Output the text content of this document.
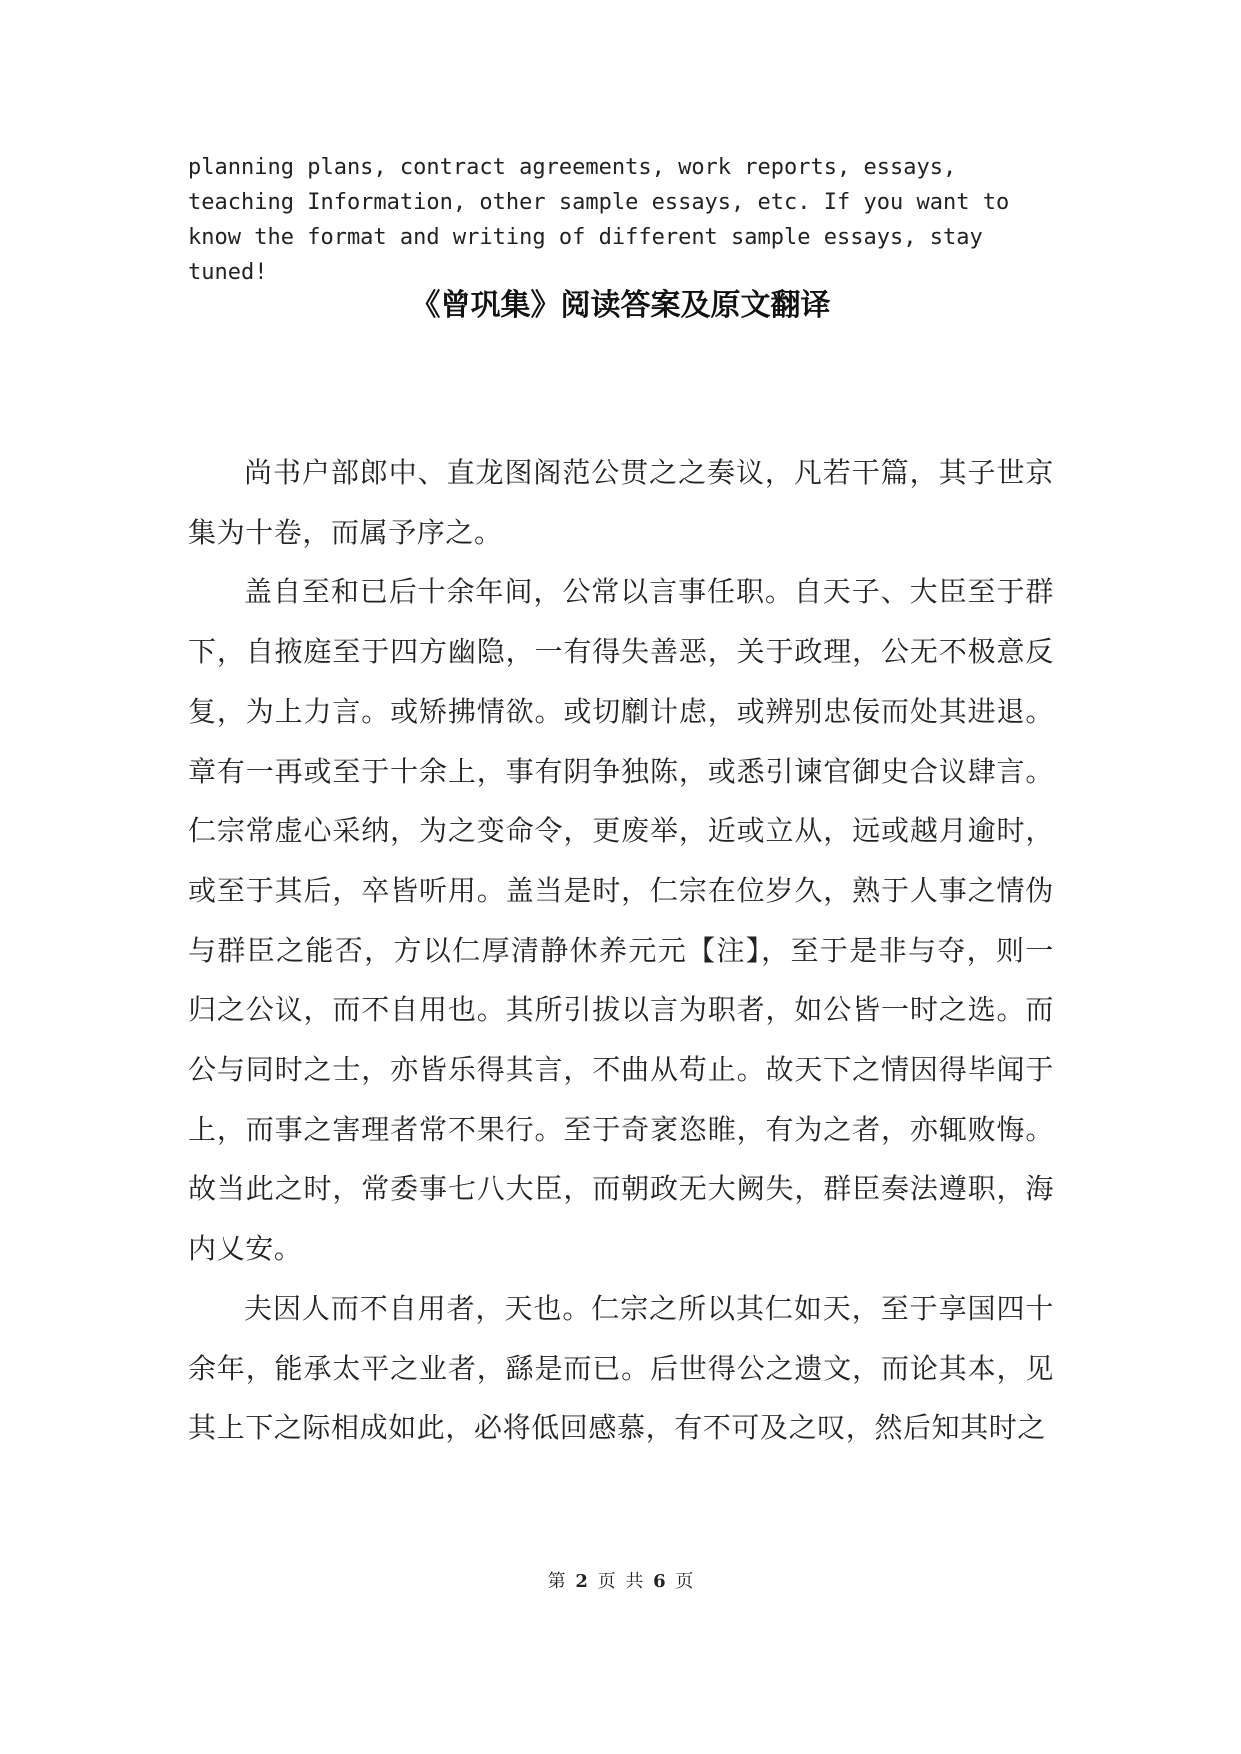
planning plans, contract agreements, work reports, essays, teaching Information, other sample essays, etc. If you want to know the format and writing of different sample essays, stay tuned!

《曾巩集》阅读答案及原文翻译

尚书户部郎中、直龙图阁范公贯之之奏议，凡若干篇，其子世京集为十卷，而属予序之。

盖自至和已后十余年间，公常以言事任职。自天子、大臣至于群下，自掖庭至于四方幽隐，一有得失善恶，关于政理，公无不极意反复，为上力言。或矫拂情欲。或切劘计虑，或辨别忠佞而处其进退。章有一再或至于十余上，事有阴争独陈，或悉引谏官御史合议肆言。仁宗常虚心采纳，为之变命令，更废举，近或立从，远或越月逾时，或至于其后，卒皆听用。盖当是时，仁宗在位岁久，熟于人事之情伪与群臣之能否，方以仁厚清静休养元元【注】，至于是非与夺，则一归之公议，而不自用也。其所引拔以言为职者，如公皆一时之选。而公与同时之士，亦皆乐得其言，不曲从苟止。故天下之情因得毕闻于上，而事之害理者常不果行。至于奇衺恣睢，有为之者，亦辄败悔。故当此之时，常委事七八大臣，而朝政无大阙失，群臣奏法遵职，海内乂安。

夫因人而不自用者，天也。仁宗之所以其仁如天，至于享国四十余年，能承太平之业者，繇是而已。后世得公之遗文，而论其本，见其上下之际相成如此，必将低回感慕，有不可及之叹，然后知其时之

第 2 页 共 6 页
